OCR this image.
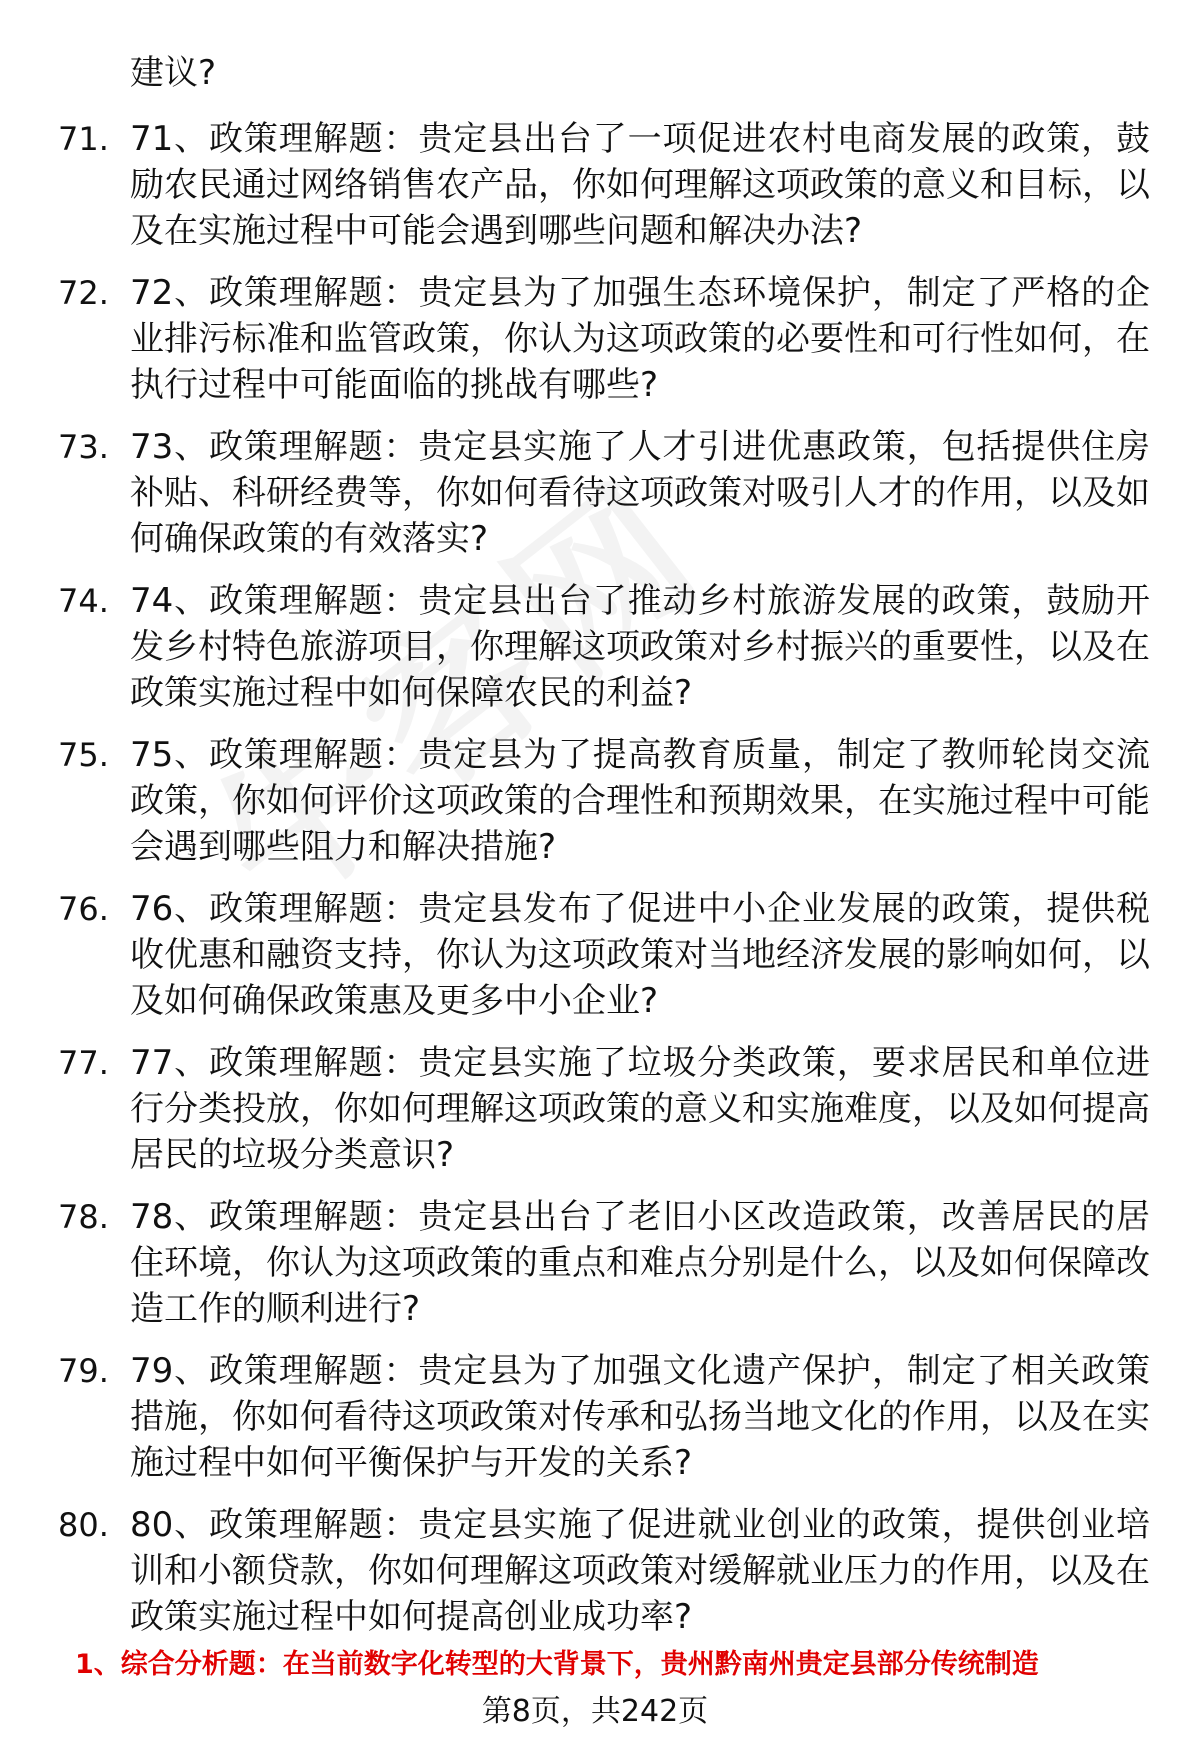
建议?
71. 71、政策理解题：贵定县出台了一项促进农村电商发展的政策，鼓励农民通过网络销售农产品，你如何理解这项政策的意义和目标，以及在实施过程中可能会遇到哪些问题和解决办法?
72. 72、政策理解题：贵定县为了加强生态环境保护，制定了严格的企业排污标准和监管政策，你认为这项政策的必要性和可行性如何，在执行过程中可能面临的挑战有哪些?
73. 73、政策理解题：贵定县实施了人才引进优惠政策，包括提供住房补贴、科研经费等，你如何看待这项政策对吸引人才的作用，以及如何确保政策的有效落实?
74. 74、政策理解题：贵定县出台了推动乡村旅游发展的政策，鼓励开发乡村特色旅游项目，你理解这项政策对乡村振兴的重要性，以及在政策实施过程中如何保障农民的利益?
75. 75、政策理解题：贵定县为了提高教育质量，制定了教师轮岗交流政策，你如何评价这项政策的合理性和预期效果，在实施过程中可能会遇到哪些阻力和解决措施?
76. 76、政策理解题：贵定县发布了促进中小企业发展的政策，提供税收优惠和融资支持，你认为这项政策对当地经济发展的影响如何，以及如何确保政策惠及更多中小企业?
77. 77、政策理解题：贵定县实施了垃圾分类政策，要求居民和单位进行分类投放，你如何理解这项政策的意义和实施难度，以及如何提高居民的垃圾分类意识?
78. 78、政策理解题：贵定县出台了老旧小区改造政策，改善居民的居住环境，你认为这项政策的重点和难点分别是什么，以及如何保障改造工作的顺利进行?
79. 79、政策理解题：贵定县为了加强文化遗产保护，制定了相关政策措施，你如何看待这项政策对传承和弘扬当地文化的作用，以及在实施过程中如何平衡保护与开发的关系?
80. 80、政策理解题：贵定县实施了促进就业创业的政策，提供创业培训和小额贷款，你如何理解这项政策对缓解就业压力的作用，以及在政策实施过程中如何提高创业成功率?
1、综合分析题：在当前数字化转型的大背景下，贵州黔南州贵定县部分传统制造
第8页，共242页
